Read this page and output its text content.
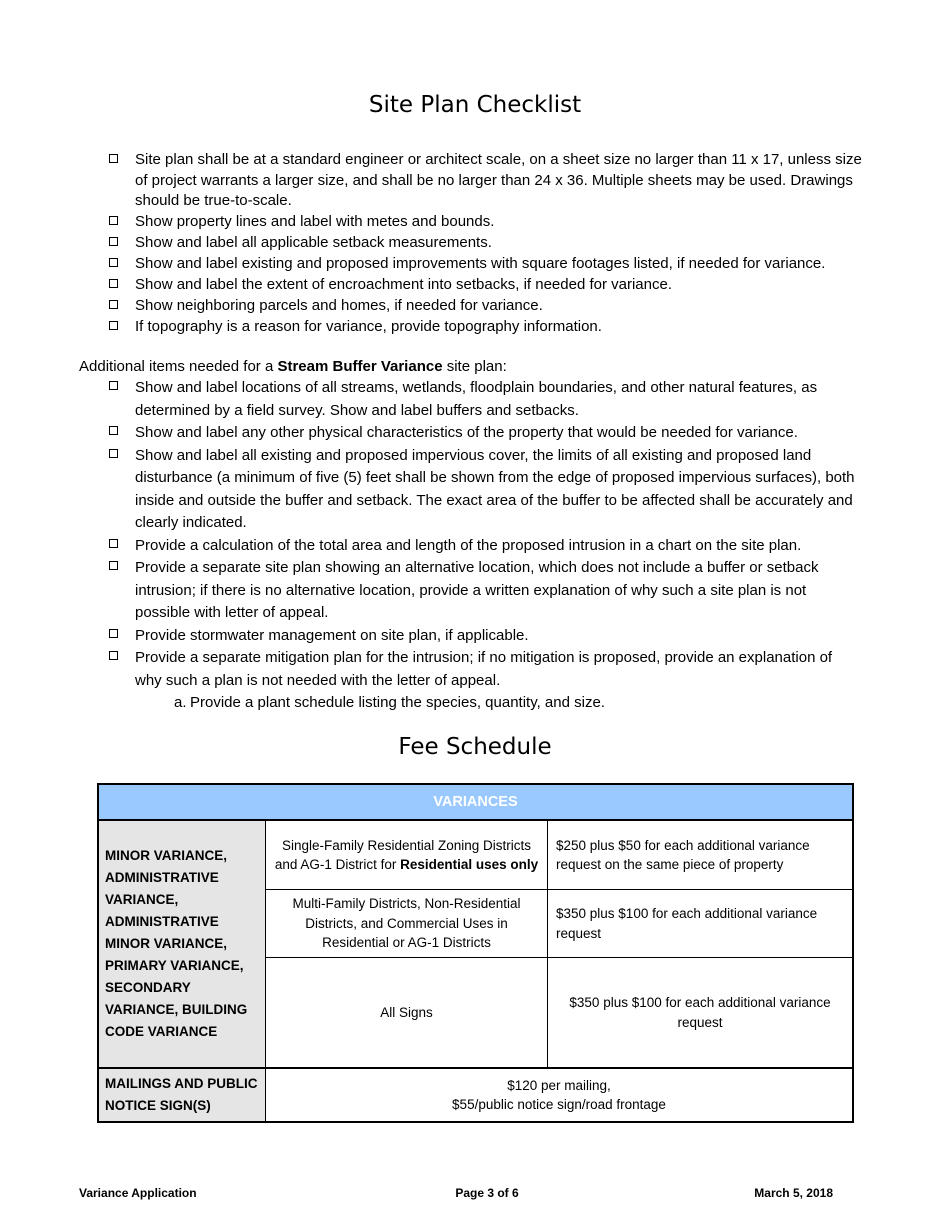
Site Plan Checklist
Site plan shall be at a standard engineer or architect scale, on a sheet size no larger than 11 x 17, unless size of project warrants a larger size, and shall be no larger than 24 x 36. Multiple sheets may be used. Drawings should be true-to-scale.
Show property lines and label with metes and bounds.
Show and label all applicable setback measurements.
Show and label existing and proposed improvements with square footages listed, if needed for variance.
Show and label the extent of encroachment into setbacks, if needed for variance.
Show neighboring parcels and homes, if needed for variance.
If topography is a reason for variance, provide topography information.
Additional items needed for a Stream Buffer Variance site plan:
Show and label locations of all streams, wetlands, floodplain boundaries, and other natural features, as determined by a field survey. Show and label buffers and setbacks.
Show and label any other physical characteristics of the property that would be needed for variance.
Show and label all existing and proposed impervious cover, the limits of all existing and proposed land disturbance (a minimum of five (5) feet shall be shown from the edge of proposed impervious surfaces), both inside and outside the buffer and setback. The exact area of the buffer to be affected shall be accurately and clearly indicated.
Provide a calculation of the total area and length of the proposed intrusion in a chart on the site plan.
Provide a separate site plan showing an alternative location, which does not include a buffer or setback intrusion; if there is no alternative location, provide a written explanation of why such a site plan is not possible with letter of appeal.
Provide stormwater management on site plan, if applicable.
Provide a separate mitigation plan for the intrusion; if no mitigation is proposed, provide an explanation of why such a plan is not needed with the letter of appeal.
a. Provide a plant schedule listing the species, quantity, and size.
Fee Schedule
VARIANCES		
MINOR VARIANCE, ADMINISTRATIVE VARIANCE, ADMINISTRATIVE MINOR VARIANCE, PRIMARY VARIANCE, SECONDARY VARIANCE, BUILDING CODE VARIANCE	Single-Family Residential Zoning Districts and AG-1 District for Residential uses only	$250 plus $50 for each additional variance request on the same piece of property
	Multi-Family Districts, Non-Residential Districts, and Commercial Uses in Residential or AG-1 Districts	$350 plus $100 for each additional variance request
	All Signs	$350 plus $100 for each additional variance request
MAILINGS AND PUBLIC NOTICE SIGN(S)	$120 per mailing,
$55/public notice sign/road frontage	
Variance Application	Page 3 of 6	March 5, 2018
